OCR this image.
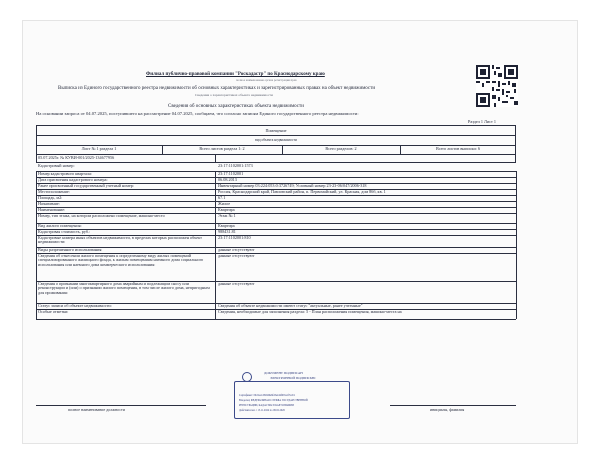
Филиал публично-правовой компании "Роскадастр" по Краснодарскому краю
полное наименование органа регистрации прав
Выписка из Единого государственного реестра недвижимости об основных характеристиках и зарегистрированных правах на объект недвижимости
Сведения о характеристиках объекта недвижимости
Сведения об основных характеристиках объекта недвижимости
На основании запроса от 04.07.2025, поступившего на рассмотрение 04.07.2025, сообщаем, что согласно записям Единого государственного реестра недвижимости:
Раздел 1 Лист 1
Помещение
вид объекта недвижимости
Лист № 1 раздела 1	Всего листов раздела 1: 2	Всего разделов: 2	Всего листов выписки: 6
05.07.2025г. № КУВИ-001/2025-134677956
Кадастровый номер:	23:17:1102001:1573
Номер кадастрового квартала:	23:17:1102001
Дата присвоения кадастрового номера:	06.08.2013
Ранее присвоенный государственный учетный номер:	Инвентарный номер 03:224:053:0:3726749; Условный номер 23-23-06/047/2006-318
Местоположение:	Россия, Краснодарский край, Павловский район, п. Первомайский, ул. Красная, дом 86б, кв. 1
Площадь, м2:	67.1
Назначение:	Жилое
Наименование:	Квартира
Номер, тип этажа, на котором расположено помещение, машино-место	Этаж № 1
Вид жилого помещения:	Квартира
Кадастровая стоимость, руб.:	988431.81
Кадастровые номера иных объектов недвижимости, в пределах которых расположен объект недвижимости:
23:17:1102001:810
Виды разрешенного использования:	данные отсутствуют
Сведения об отнесении жилого помещения к определенному виду жилых помещений специализированного жилищного фонда, к жилым помещениям наемного дома социального использования или наемного дома коммерческого использования:
данные отсутствуют
Сведения о признании многоквартирного дома аварийным и подлежащим сносу или реконструкции и (или) о признании жилого помещения, в том числе жилого дома, непригодным для проживания:
данные отсутствуют
Статус записи об объекте недвижимости:	Сведения об объекте недвижимости имеют статус "актуальные, ранее учтенные"
Особые отметки:	Сведения, необходимые для заполнения раздела: 5 - План расположения помещения, машино-места на
ДОКУМЕНТ ПОДПИСАН
ЭЛЕКТРОННОЙ ПОДПИСЬЮ
Сертификат: 00c0ae1d3b9d6a6fd3e2d4f6b5e1f3a3c1
Владелец: ФЕДЕРАЛЬНАЯ СЛУЖБА ГОСУДАРСТВЕННОЙ
РЕГИСТРАЦИИ, КАДАСТРА И КАРТОГРАФИИ
Действителен: с 15.11.2024 по 08.02.2026
полное наименование должности	инициалы, фамилия
